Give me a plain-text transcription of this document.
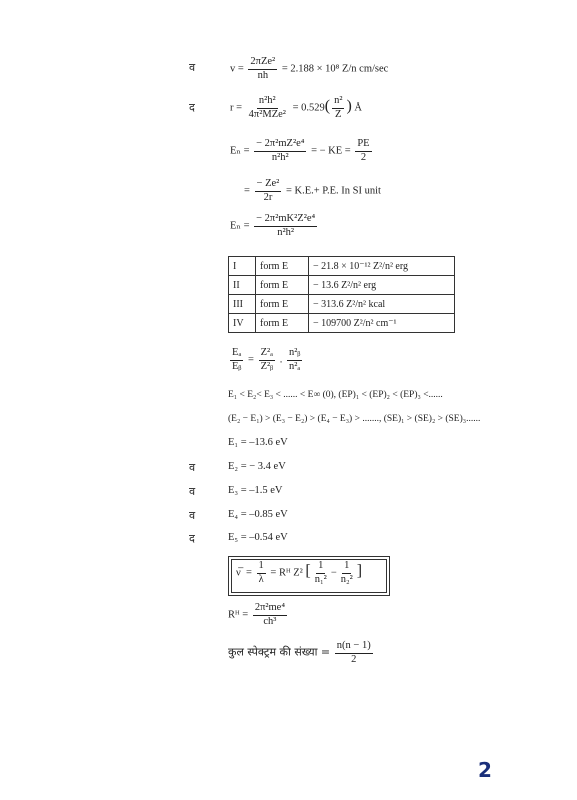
व
द
व
व
व
द
$v = \frac{\text{2πZe²}}{nh} = 2.188 \times 10^8$ Z/n cm/sec
$r = \frac{\text{n²h²}}{\text{4π²MZe²}} = 0.529( \frac{\text{n²}}{Z}$ ) Å
$E_n = \frac{\text{− 2π²mZ²e⁴}}{\text{n²h²}}$ = − KE = $\frac{PE}{2}$
= $\frac{\text{− Ze²}}{2r} = K.E.+ P.E$. In SI unit
$E_n = \frac{\text{− 2π²mK²Z²e⁴}}{\text{n²h²}}$
I	form E	− 21.8 × 10⁻¹² Z²/n² erg
II	form E	− 13.6 Z²/n² erg
III	form E	− 313.6 Z²/n² kcal
IV	form E	− 109700 Z²/n² cm⁻¹
$\frac{\text{Eₐ}}{\text{Eᵦ}} = \frac{\text{Z²ₐ}}{\text{Z²ᵦ}}$ . $\frac{\text{n²ᵦ}}{\text{n²ₐ}}$
E₁ < E₂< E₃ < ...... < E∞ (0), (EP)₁ < (EP)₂ < (EP)₃ <......
(E₂ − E₁) > (E₃ − E₂) > (E₄ − E₃) > ......., (SE)₁ > (SE)₂ > (SE)₃......
E₁ = –13.6 eV
E₂ = − 3.4 eV
E₃ = –1.5 eV
E₄ = –0.85 eV
E₅ = –0.54 eV
ν̅ = $\frac{1}{\lambda}$ = Rᴴ Z² [ $\frac{1}{\text{n₁²}} - \frac{1}{\text{n₂²}}$ ]
Rᴴ = $\frac{\text{2π²me⁴}}{\text{ch³}}$
कुल स्पेक्ट्रम की संख्या = $\frac{n(n - 1)}{2}$
2
